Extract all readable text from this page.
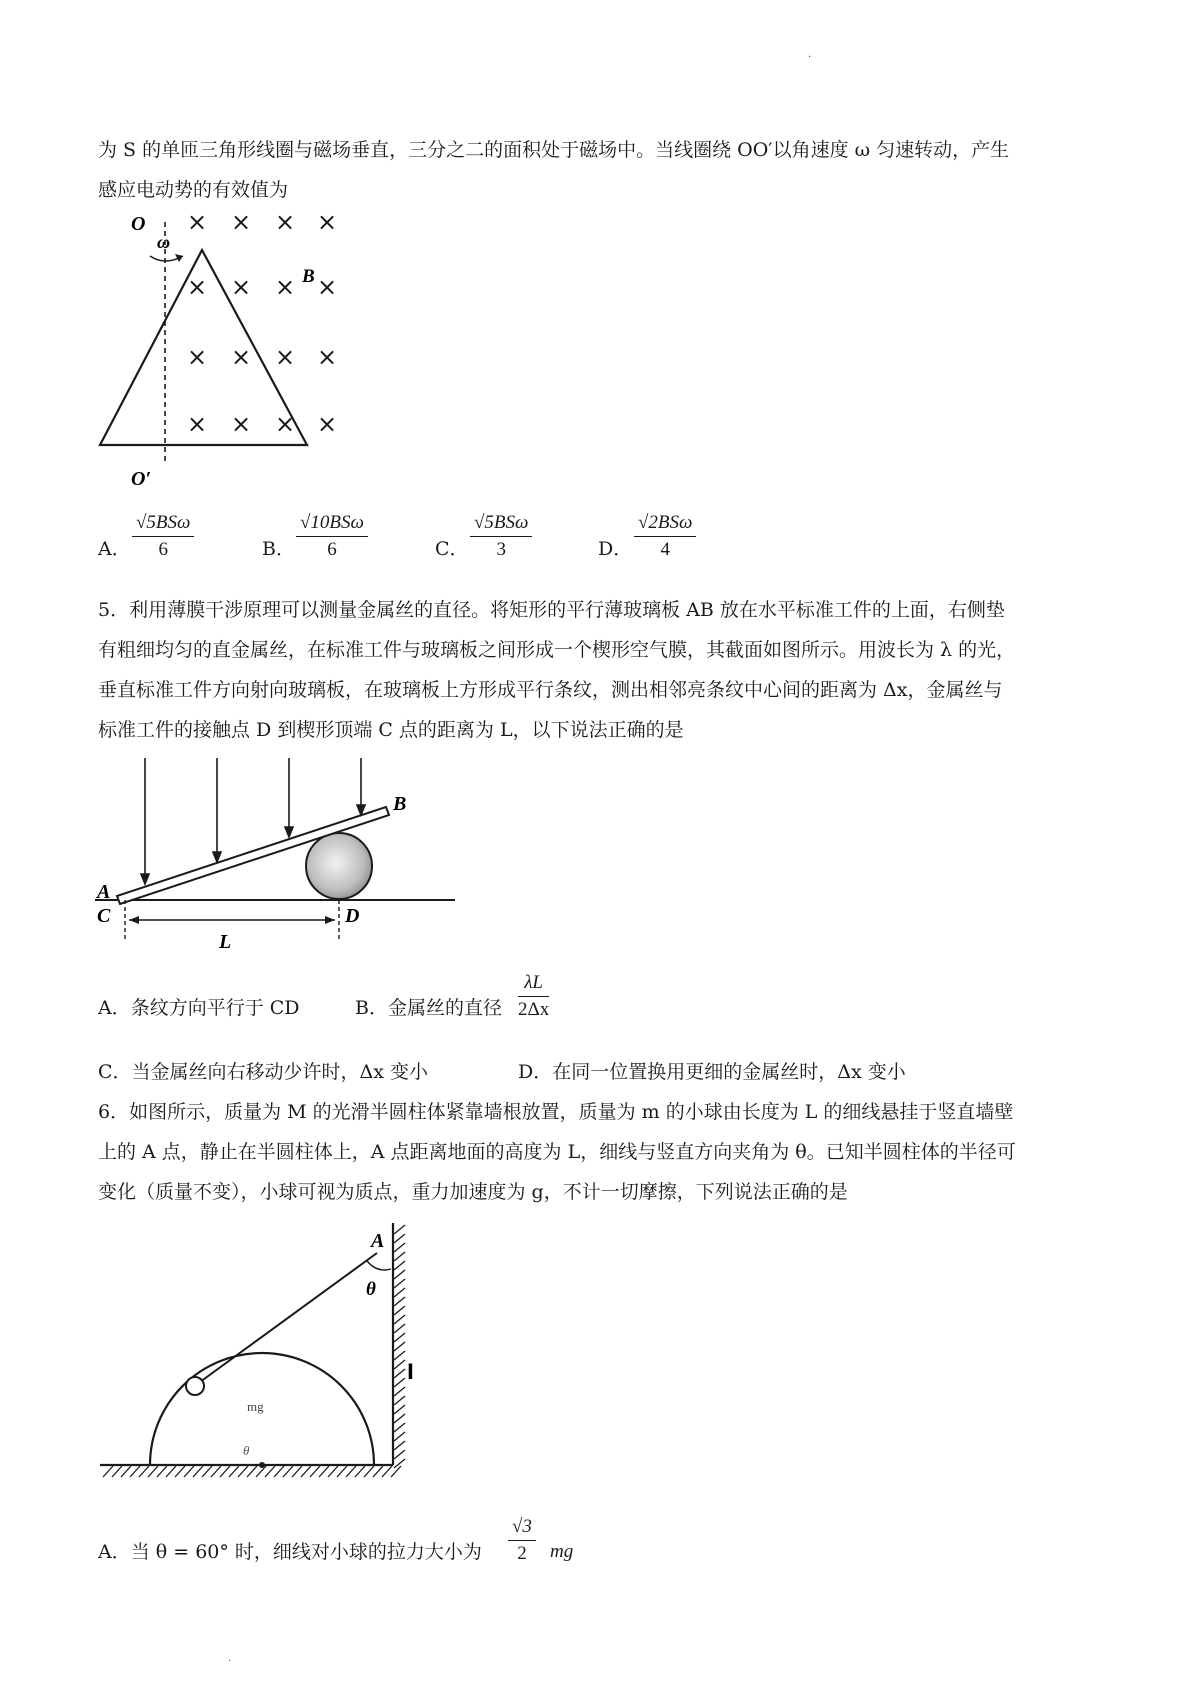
·
为 S 的单匝三角形线圈与磁场垂直，三分之二的面积处于磁场中。当线圈绕 OO′以角速度 ω 匀速转动，产生
感应电动势的有效值为
× × × ×
× × × ×
× × × ×
× × × ×
O
O′
ω
B
A．
√5BSω
6	B．
√10BSω
6	C．
√5BSω
3	D．
√2BSω
4
5．利用薄膜干涉原理可以测量金属丝的直径。将矩形的平行薄玻璃板 AB 放在水平标准工件的上面，右侧垫
有粗细均匀的直金属丝，在标准工件与玻璃板之间形成一个楔形空气膜，其截面如图所示。用波长为 λ 的光，
垂直标准工件方向射向玻璃板，在玻璃板上方形成平行条纹，测出相邻亮条纹中心间的距离为 Δx，金属丝与
标准工件的接触点 D 到楔形顶端 C 点的距离为 L，以下说法正确的是
A
C
B
D
L
A．条纹方向平行于 CD	B．金属丝的直径 $\frac{\lambda L}{2\Delta x}$
C．当金属丝向右移动少许时，Δx 变小	D．在同一位置换用更细的金属丝时，Δx 变小
6．如图所示，质量为 M 的光滑半圆柱体紧靠墙根放置，质量为 m 的小球由长度为 L 的细线悬挂于竖直墙壁
上的 A 点，静止在半圆柱体上，A 点距离地面的高度为 L，细线与竖直方向夹角为 θ。已知半圆柱体的半径可
变化（质量不变），小球可视为质点，重力加速度为 g，不计一切摩擦，下列说法正确的是
A
θ
l
mg
θ
A．当 θ = 60° 时，细线对小球的拉力大小为 $\frac{√3}{2}$ mg
·
